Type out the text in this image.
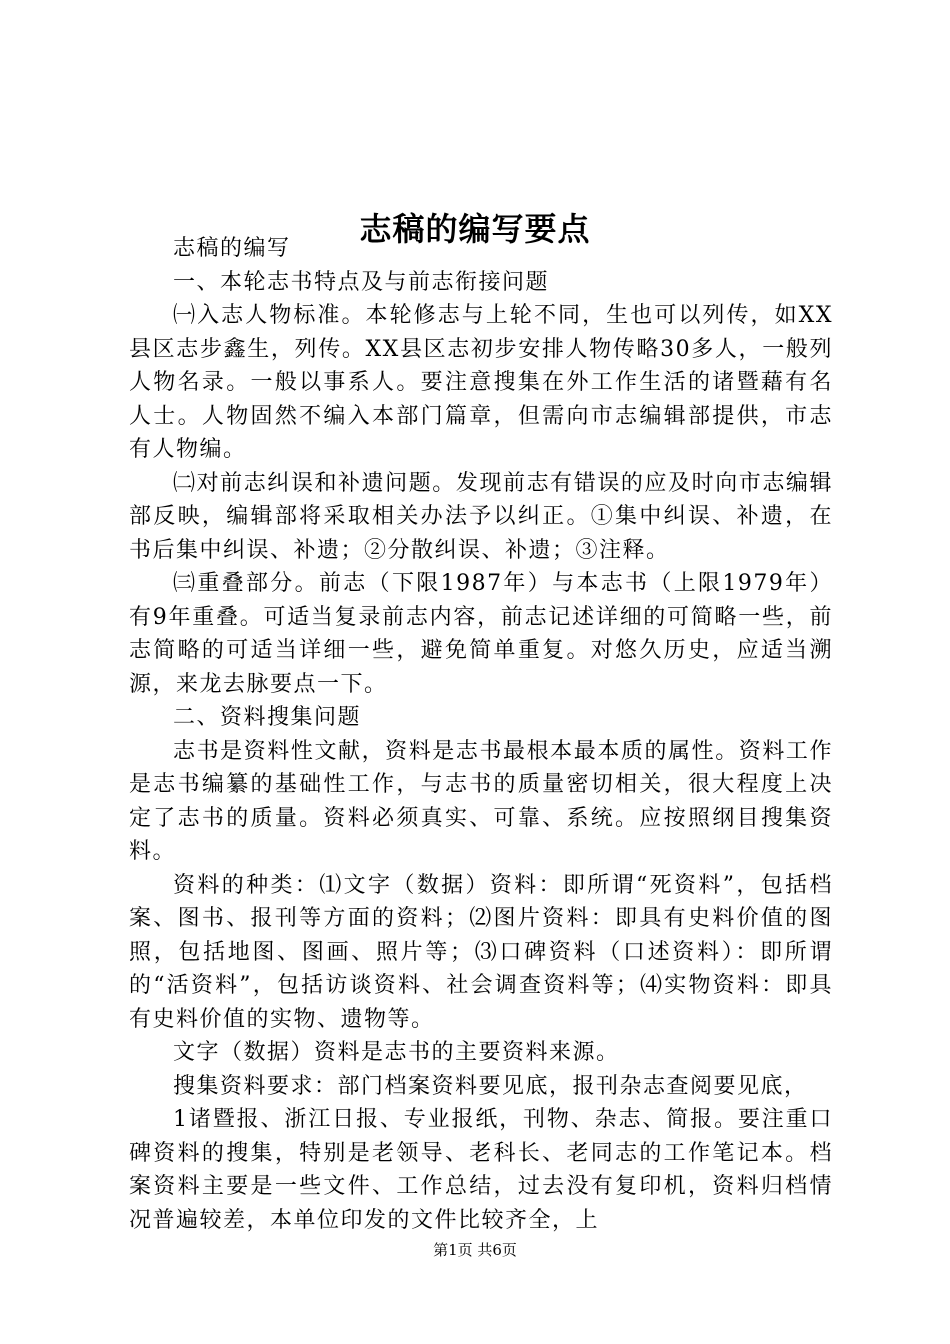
志稿的编写要点

志稿的编写

一、本轮志书特点及与前志衔接问题

㈠入志人物标准。本轮修志与上轮不同，生也可以列传，如XX县区志步鑫生，列传。XX县区志初步安排人物传略30多人，一般列人物名录。一般以事系人。要注意搜集在外工作生活的诸暨藉有名人士。人物固然不编入本部门篇章，但需向市志编辑部提供，市志有人物编。

㈡对前志纠误和补遗问题。发现前志有错误的应及时向市志编辑部反映，编辑部将采取相关办法予以纠正。①集中纠误、补遗，在书后集中纠误、补遗；②分散纠误、补遗；③注释。

㈢重叠部分。前志（下限1987年）与本志书（上限1979年）有9年重叠。可适当复录前志内容，前志记述详细的可简略一些，前志简略的可适当详细一些，避免简单重复。对悠久历史，应适当溯源，来龙去脉要点一下。

二、资料搜集问题

志书是资料性文献，资料是志书最根本最本质的属性。资料工作是志书编纂的基础性工作，与志书的质量密切相关，很大程度上决定了志书的质量。资料必须真实、可靠、系统。应按照纲目搜集资料。

资料的种类：⑴文字（数据）资料：即所谓“死资料”，包括档案、图书、报刊等方面的资料；⑵图片资料：即具有史料价值的图照，包括地图、图画、照片等；⑶口碑资料（口述资料）：即所谓的“活资料”，包括访谈资料、社会调查资料等；⑷实物资料：即具有史料价值的实物、遗物等。

文字（数据）资料是志书的主要资料来源。

搜集资料要求：部门档案资料要见底，报刊杂志查阅要见底，

1诸暨报、浙江日报、专业报纸，刊物、杂志、简报。要注重口碑资料的搜集，特别是老领导、老科长、老同志的工作笔记本。档案资料主要是一些文件、工作总结，过去没有复印机，资料归档情况普遍较差，本单位印发的文件比较齐全，上

第1页 共6页
